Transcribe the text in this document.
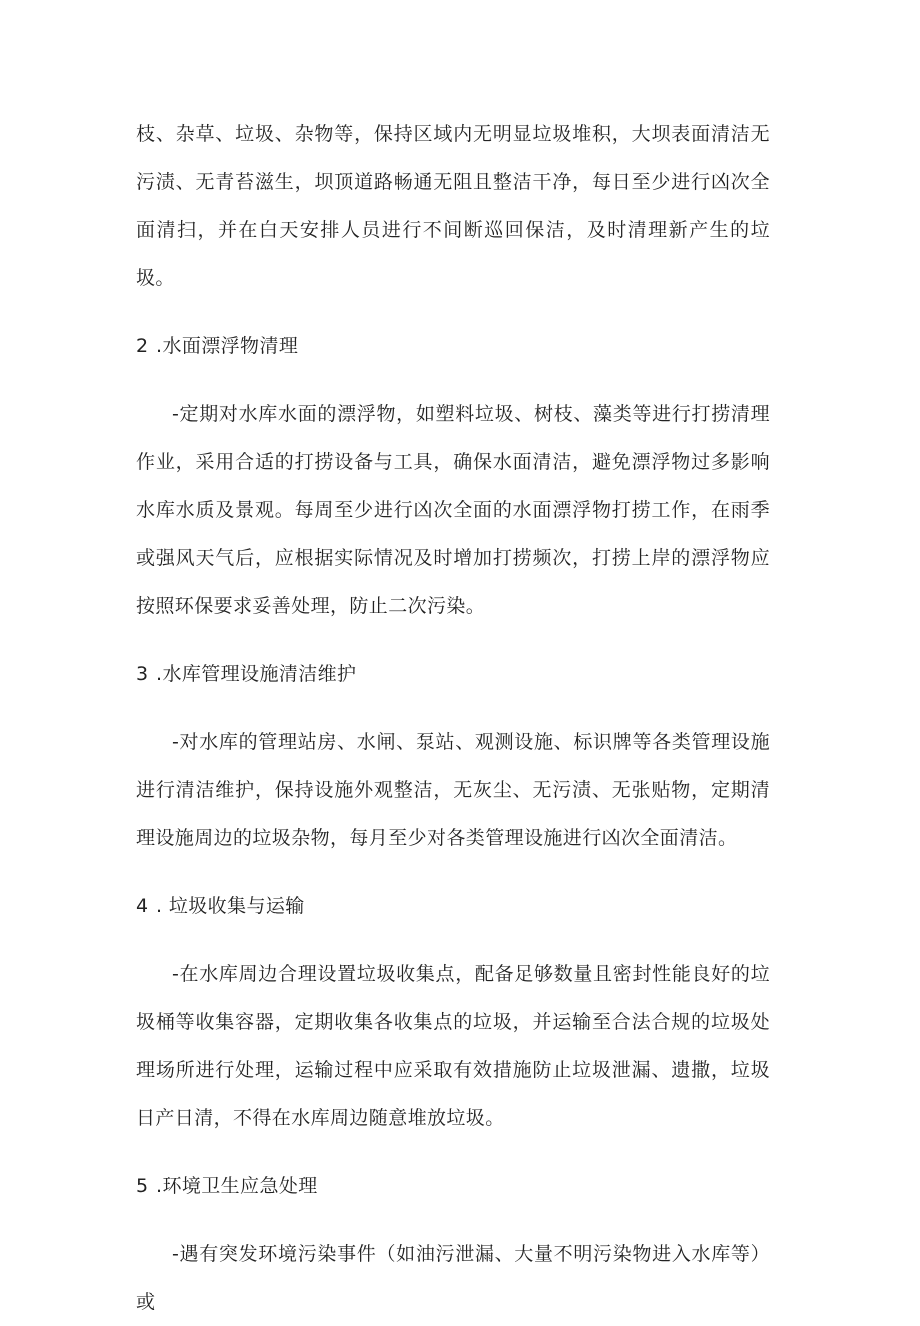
枝、杂草、垃圾、杂物等，保持区域内无明显垃圾堆积，大坝表面清洁无污渍、无青苔滋生，坝顶道路畅通无阻且整洁干净，每日至少进行凶次全面清扫，并在白天安排人员进行不间断巡回保洁，及时清理新产生的垃圾。

2 .水面漂浮物清理

-定期对水库水面的漂浮物，如塑料垃圾、树枝、藻类等进行打捞清理作业，采用合适的打捞设备与工具，确保水面清洁，避免漂浮物过多影响水库水质及景观。每周至少进行凶次全面的水面漂浮物打捞工作，在雨季或强风天气后，应根据实际情况及时增加打捞频次，打捞上岸的漂浮物应按照环保要求妥善处理，防止二次污染。

3 .水库管理设施清洁维护

-对水库的管理站房、水闸、泵站、观测设施、标识牌等各类管理设施进行清洁维护，保持设施外观整洁，无灰尘、无污渍、无张贴物，定期清理设施周边的垃圾杂物，每月至少对各类管理设施进行凶次全面清洁。

4 . 垃圾收集与运输

-在水库周边合理设置垃圾收集点，配备足够数量且密封性能良好的垃圾桶等收集容器，定期收集各收集点的垃圾，并运输至合法合规的垃圾处理场所进行处理，运输过程中应采取有效措施防止垃圾泄漏、遗撒，垃圾日产日清，不得在水库周边随意堆放垃圾。

5 .环境卫生应急处理

-遇有突发环境污染事件（如油污泄漏、大量不明污染物进入水库等）或
